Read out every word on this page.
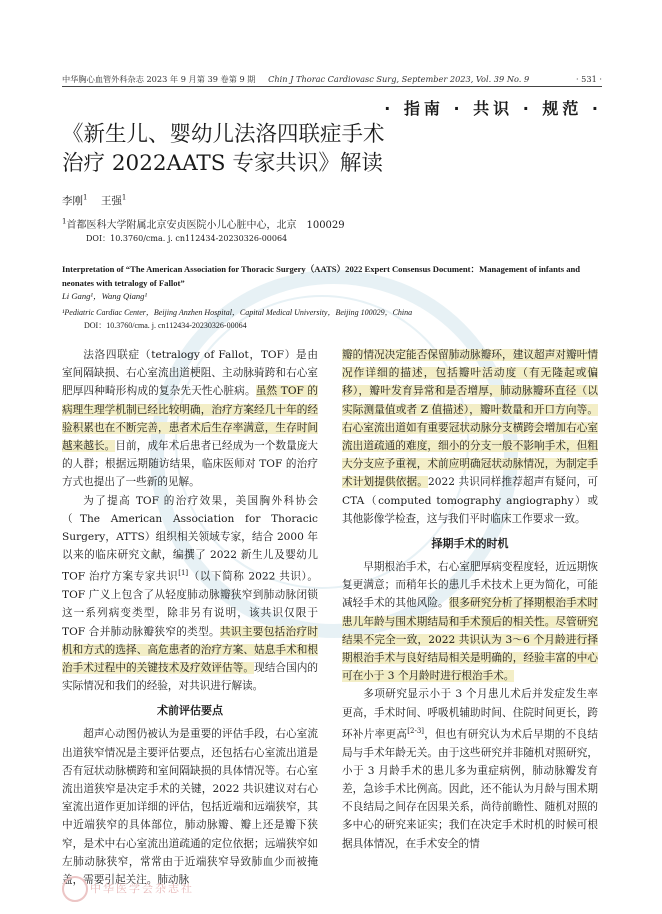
中华胸心血管外科杂志 2023 年 9 月第 39 卷第 9 期 Chin J Thorac Cardiovasc Surg, September 2023, Vol. 39 No. 9	· 531 ·
· 指南 · 共识 · 规范 ·
《新生儿、婴幼儿法洛四联症手术
治疗 2022AATS 专家共识》解读
李刚$^1$ 王强$^1$
$^1$首都医科大学附属北京安贞医院小儿心脏中心，北京　100029
DOI：10.3760/cma. j. cn112434-20230326-00064
Interpretation of “The American Association for Thoracic Surgery（AATS）2022 Expert Consensus Document：Management of infants and neonates with tetralogy of Fallot”
Li Gang¹，Wang Qiang¹
¹Pediatric Cardiac Center，Beijing Anzhen Hospital，Capital Medical University，Beijing 100029，China
DOI：10.3760/cma. j. cn112434-20230326-00064

法洛四联症（tetralogy of Fallot，TOF）是由室间隔缺损、右心室流出道梗阻、主动脉骑跨和右心室肥厚四种畸形构成的复杂先天性心脏病。虽然 TOF 的病理生理学机制已经比较明确，治疗方案经几十年的经验积累也在不断完善，患者术后生存率满意，生存时间越来越长。目前，成年术后患者已经成为一个数量庞大的人群；根据远期随访结果，临床医师对 TOF 的治疗方式也提出了一些新的见解。

为了提高 TOF 的治疗效果，美国胸外科协会（The American Association for Thoracic Surgery，ATTS）组织相关领域专家，结合 2000 年以来的临床研究文献，编撰了 2022 新生儿及婴幼儿 TOF 治疗方案专家共识[1]（以下简称 2022 共识）。TOF 广义上包含了从轻度肺动脉瓣狭窄到肺动脉闭锁这一系列病变类型，除非另有说明，该共识仅限于 TOF 合并肺动脉瓣狭窄的类型。共识主要包括治疗时机和方式的选择、高危患者的治疗方案、姑息手术和根治手术过程中的关键技术及疗效评估等。现结合国内的实际情况和我们的经验，对共识进行解读。

术前评估要点

超声心动图仍被认为是重要的评估手段，右心室流出道狭窄情况是主要评估要点，还包括右心室流出道是否有冠状动脉横跨和室间隔缺损的具体情况等。右心室流出道狭窄是决定手术的关键，2022 共识建议对右心室流出道作更加详细的评估，包括近端和远端狭窄，其中近端狭窄的具体部位，肺动脉瓣、瓣上还是瓣下狭窄，是术中右心室流出道疏通的定位依据；远端狭窄如左肺动脉狭窄，常常由于近端狭窄导致肺血少而被掩盖，需要引起关注。肺动脉

瓣的情况决定能否保留肺动脉瓣环，建议超声对瓣叶情况作详细的描述，包括瓣叶活动度（有无隆起或偏移），瓣叶发育异常和是否增厚，肺动脉瓣环直径（以实际测量值或者 Z 值描述），瓣叶数量和开口方向等。右心室流出道如有重要冠状动脉分支横跨会增加右心室流出道疏通的难度，细小的分支一般不影响手术，但粗大分支应予重视，术前应明确冠状动脉情况，为制定手术计划提供依据。2022 共识同样推荐超声有疑问，可 CTA（computed tomography angiography）或其他影像学检查，这与我们平时临床工作要求一致。

择期手术的时机

早期根治手术，右心室肥厚病变程度轻，近远期恢复更满意；而稍年长的患儿手术技术上更为简化，可能减轻手术的其他风险。很多研究分析了择期根治手术时患儿年龄与围术期结局和手术预后的相关性。尽管研究结果不完全一致，2022 共识认为 3～6 个月龄进行择期根治手术与良好结局相关是明确的，经验丰富的中心可在小于 3 个月龄时进行根治手术。

多项研究显示小于 3 个月患儿术后并发症发生率更高，手术时间、呼吸机辅助时间、住院时间更长，跨环补片率更高[2-3]，但也有研究认为术后早期的不良结局与手术年龄无关。由于这些研究并非随机对照研究，小于 3 月龄手术的患儿多为重症病例，肺动脉瓣发育差，急诊手术比例高。因此，还不能认为月龄与围术期不良结局之间存在因果关系，尚待前瞻性、随机对照的多中心的研究来证实；我们在决定手术时机的时候可根据具体情况，在手术安全的情

中华医学会杂志社
